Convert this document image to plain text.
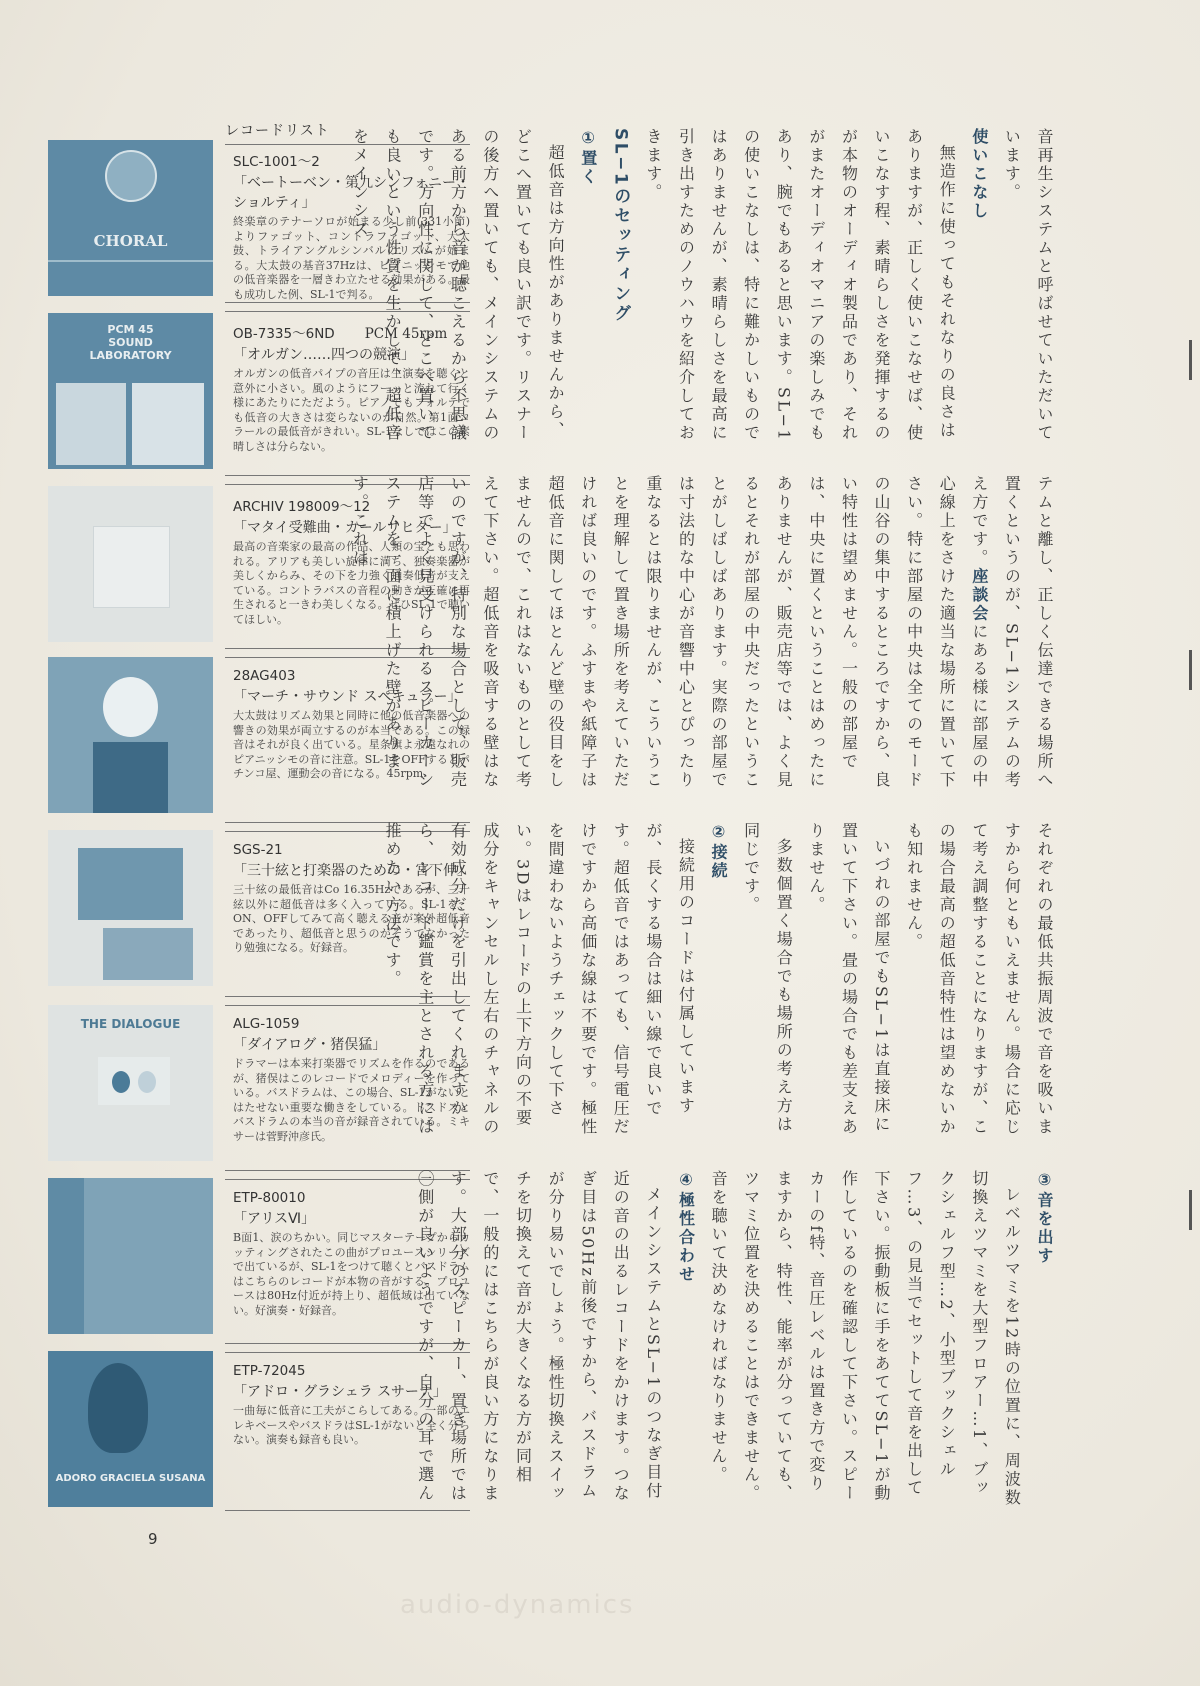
レコードリスト
CHORAL
PCM 45 SOUND LABORATORY
THE DIALOGUE
ADORO GRACIELA SUSANA
SLC-1001～2
「ベートーベン・第九シンフォニー・ショルティ」
終楽章のテナーソロが始まる少し前(331小節)よりファゴット、コントラファゴット、大太鼓、トライアングルシンバルのリズムが始まる。大太鼓の基音37Hzは、ピアニッシモで他の低音楽器を一層きわ立たせる効果がある。最も成功した例、SL-1で判る。
OB-7335～6ND PCM 45rpm
「オルガン……四つの競演」
オルガンの低音パイプの音圧は生演奏を聴くと意外に小さい。風のようにフーッと流れて行く様にあたりにただよう。ピアノでもフォルテでも低音の大きさは変らないのが自然。第1面コラールの最低音がきれい。SL-1なしではこの素晴しさは分らない。
ARCHIV 198009～12
「マタイ受難曲・カールリヒター」
最高の音楽家の最高の作品、人類の宝とも思われる。アリアも美しい旋律に満ち、独奏楽器が美しくからみ、その下を力強く通奏低音が支えている。コントラバスの音程の動きが正確に再生されると一きわ美しくなる。ぜひSL-1で聴いてほしい。
28AG403
「マーチ・サウンド スペキュラー」
大太鼓はリズム効果と同時に他の低音楽器への響きの効果が両立するのが本当である。この録音はそれが良く出ている。星条旗よ永遠なれのピアニッシモの音に注意。SL-1をOFFするとパチンコ屋、運動会の音になる。45rpm.
SGS-21
「三十絃と打楽器のための・宮下伸」
三十絃の最低音はCo 16.35Hzであるが、三十絃以外に超低音は多く入っている。SL-1を、ON、OFFしてみて高く聴える音が案外超低音であったり、超低音と思うのがそうでなかったり勉強になる。好録音。
ALG-1059
「ダイアログ・猪俣猛」
ドラマーは本来打楽器でリズムを作るのであるが、猪俣はこのレコードでメロディーを作っている。バスドラムは、この場合、SL-1がないとはたせない重要な働きをしている。ドスドスとバスドラムの本当の音が録音されている。ミキサーは菅野沖彦氏。
ETP-80010
「アリスⅥ」
B面1、涙のちかい。同じマスターテープからカッティングされたこの曲がプロユースシリーズで出ているが、SL-1をつけて聴くとバスドラムはこちらのレコードが本物の音がする。プロユースは80Hz付近が持上り、超低域は出ていない。好演奏・好録音。
ETP-72045
「アドロ・グラシェラ スサーナ」
一曲毎に低音に工夫がこらしてある。一部のエレキベースやバスドラはSL-1がないと全く分らない。演奏も録音も良い。

音再生システムと呼ばせていただいています。

使いこなし

無造作に使ってもそれなりの良さはありますが、正しく使いこなせば、使いこなす程、素晴らしさを発揮するのが本物のオーディオ製品であり、それがまたオーディオマニアの楽しみでもあり、腕でもあると思います。SL−1の使いこなしは、特に難かしいものではありませんが、素晴らしさを最高に引き出すためのノウハウを紹介しておきます。

SL−1のセッティング

①置く

超低音は方向性がありませんから、どこへ置いても良い訳です。リスナーの後方へ置いても、メインシステムのある前方から音が聴こえるから不思議です。方向性に関して、どこへ置いても良いという性質を生かして、超低音をメインシス

テムと離し、正しく伝達できる場所へ置くというのが、SL−1システムの考え方です。座談会にある様に部屋の中心線上をさけた適当な場所に置いて下さい。特に部屋の中央は全てのモードの山谷の集中するところですから、良い特性は望めません。一般の部屋では、中央に置くということはめったにありませんが、販売店等では、よく見るとそれが部屋の中央だったということがしばしばあります。実際の部屋では寸法的な中心が音響中心とぴったり重なるとは限りませんが、こういうことを理解して置き場所を考えていただければ良いのです。ふすまや紙障子は超低音に関してほとんど壁の役目をしませんので、これはないものとして考えて下さい。超低音を吸音する壁はないのですが、特別な場合として、販売店等でよく見受けられるスピーカーシステムを一面に積上げた壁があります。これは

それぞれの最低共振周波で音を吸いますから何ともいえません。場合に応じて考え調整することになりますが、この場合最高の超低音特性は望めないかも知れません。

いづれの部屋でもSL−1は直接床に置いて下さい。畳の場合でも差支えありません。

多数個置く場合でも場所の考え方は同じです。

②接続

接続用のコードは付属していますが、長くする場合は細い線で良いです。超低音ではあっても、信号電圧だけですから高価な線は不要です。極性を間違わないようチェックして下さい。3Dはレコードの上下方向の不要成分をキャンセルし左右のチャネルの有効成分だけを引出してくれますから、レコード鑑賞を主とされる方には推めたい方法です。

③音を出す

レベルツマミを12時の位置に、周波数切換えツマミを大型フロアー…1、ブックシェルフ型…2、小型ブックシェルフ…3、の見当でセットして音を出して下さい。振動板に手をあててSL−1が動作しているのを確認して下さい。スピーカーのf特、音圧レベルは置き方で変りますから、特性、能率が分っていても、ツマミ位置を決めることはできません。音を聴いて決めなければなりません。

④極性合わせ

メインシステムとSL−1のつなぎ目付近の音の出るレコードをかけます。つなぎ目は50Hz前後ですから、バスドラムが分り易いでしょう。極性切換えスイッチを切換えて音が大きくなる方が同相で、一般的にはこちらが良い方になります。大部分のスピーカー、置き場所では㊀側が良いようですが、自分の耳で選ん

9
audio-dynamics
